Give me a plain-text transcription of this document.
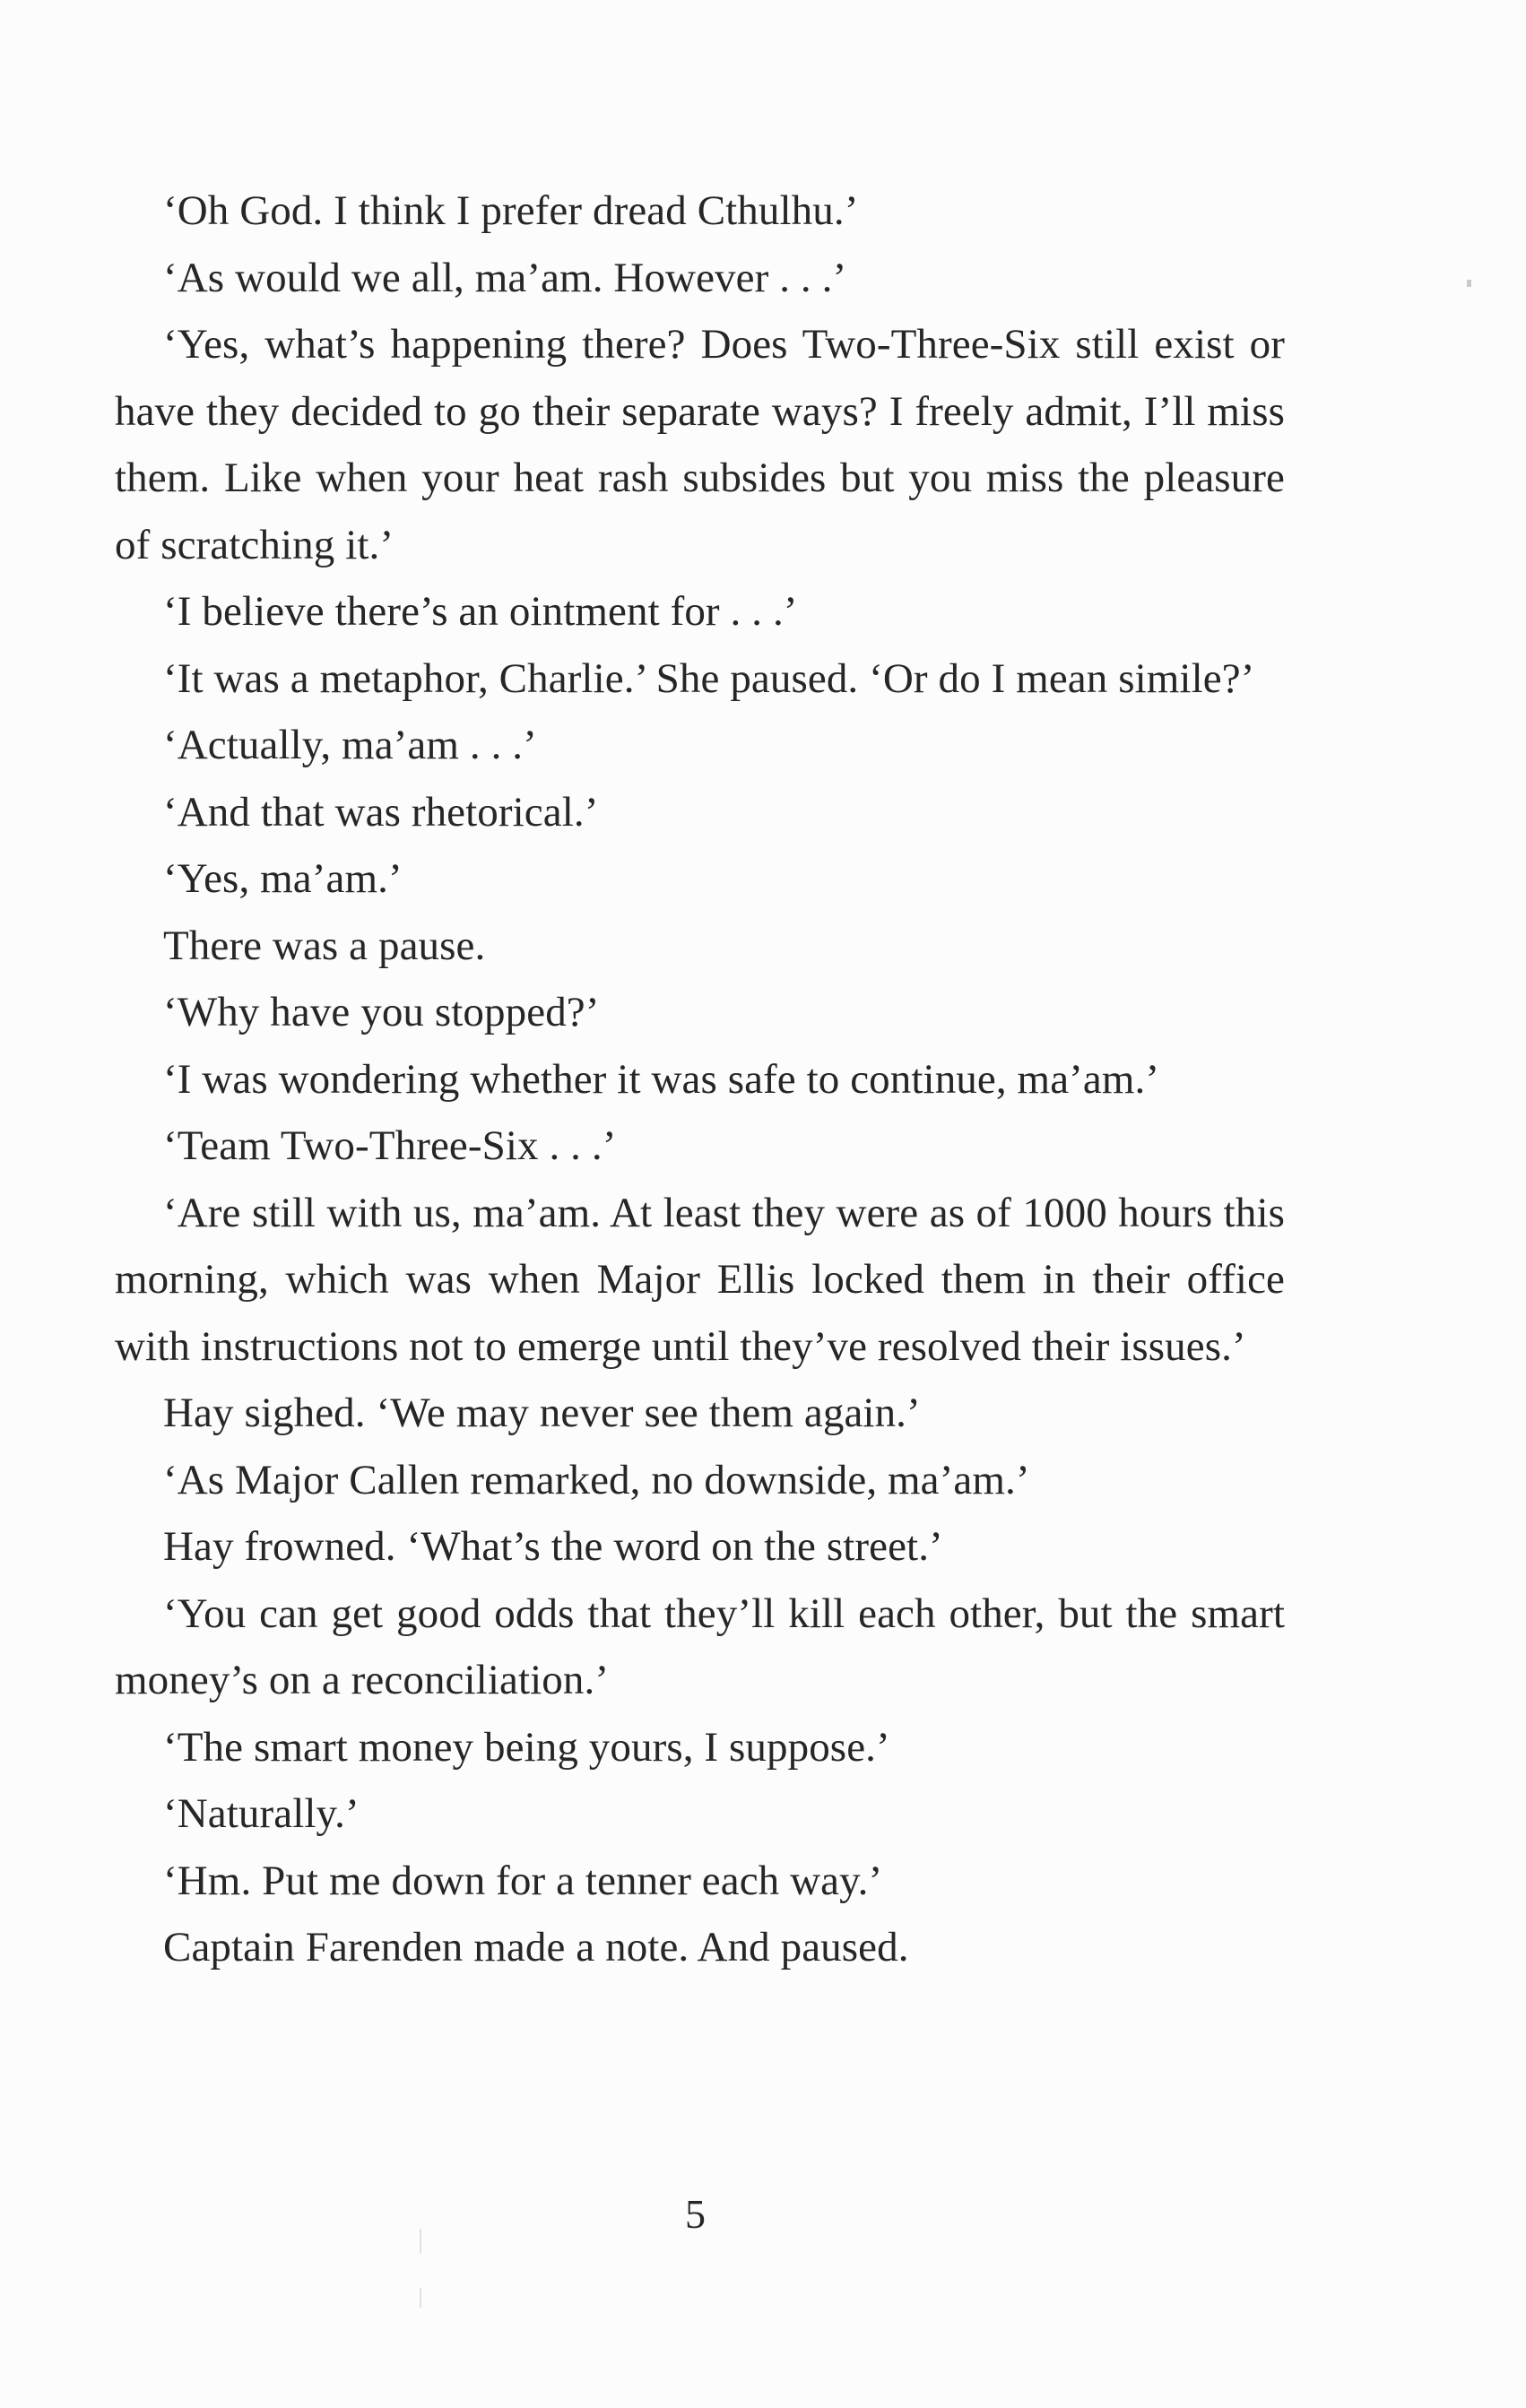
‘Oh God. I think I prefer dread Cthulhu.’

‘As would we all, ma’am. However . . .’

‘Yes, what’s happening there? Does Two-Three-Six still exist or have they decided to go their separate ways? I freely admit, I’ll miss them. Like when your heat rash subsides but you miss the pleasure of scratching it.’

‘I believe there’s an ointment for . . .’

‘It was a metaphor, Charlie.’ She paused. ‘Or do I mean simile?’

‘Actually, ma’am . . .’

‘And that was rhetorical.’

‘Yes, ma’am.’

There was a pause.

‘Why have you stopped?’

‘I was wondering whether it was safe to continue, ma’am.’

‘Team Two-Three-Six . . .’

‘Are still with us, ma’am. At least they were as of 1000 hours this morning, which was when Major Ellis locked them in their office with instructions not to emerge until they’ve resolved their issues.’

Hay sighed. ‘We may never see them again.’

‘As Major Callen remarked, no downside, ma’am.’

Hay frowned. ‘What’s the word on the street.’

‘You can get good odds that they’ll kill each other, but the smart money’s on a reconciliation.’

‘The smart money being yours, I suppose.’

‘Naturally.’

‘Hm. Put me down for a tenner each way.’

Captain Farenden made a note. And paused.

5
